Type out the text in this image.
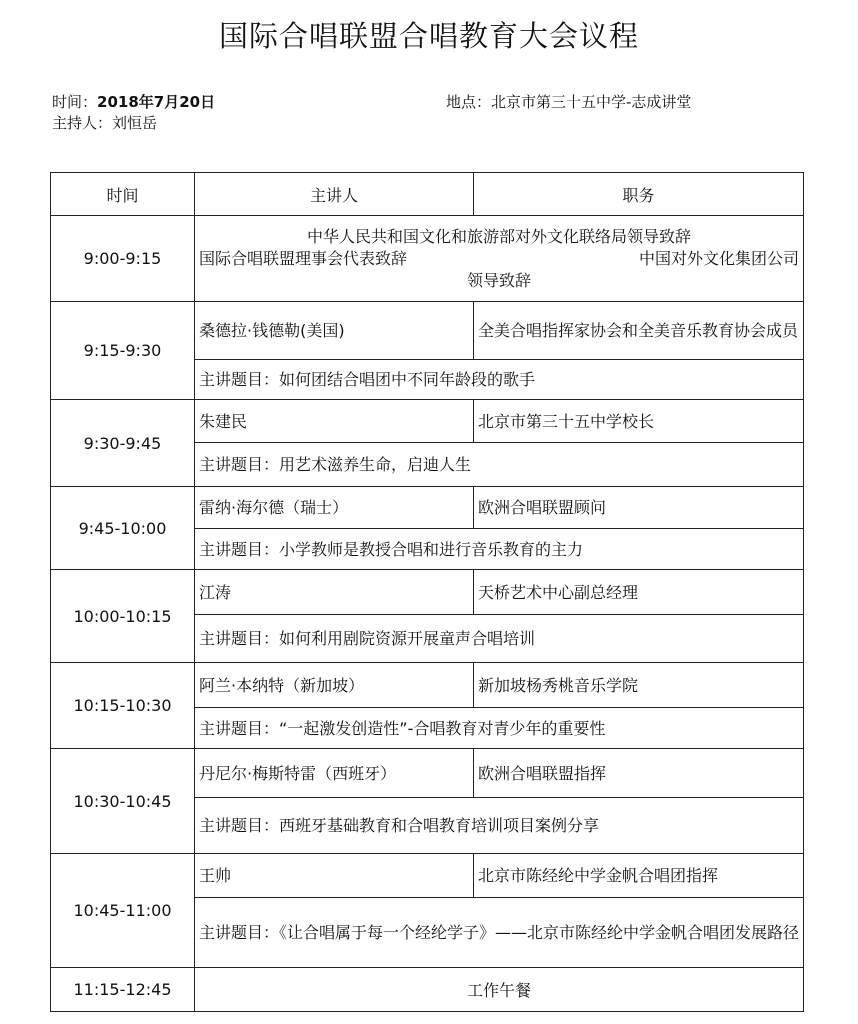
国际合唱联盟合唱教育大会议程
时间：2018年7月20日
主持人：刘恒岳
地点：北京市第三十五中学-志成讲堂
时间	主讲人	职务
9:00-9:15	中华人民共和国文化和旅游部对外文化联络局领导致辞
国际合唱联盟理事会代表致辞 中国对外文化集团公司
领导致辞	

9:15-9:30	桑德拉·钱德勒(美国)	全美合唱指挥家协会和全美音乐教育协会成员
	主讲题目：如何团结合唱团中不同年龄段的歌手	
9:30-9:45	朱建民	北京市第三十五中学校长
	主讲题目：用艺术滋养生命，启迪人生	
9:45-10:00	雷纳·海尔德（瑞士）	欧洲合唱联盟顾问
	主讲题目：小学教师是教授合唱和进行音乐教育的主力	
10:00-10:15	江涛	天桥艺术中心副总经理
	主讲题目：如何利用剧院资源开展童声合唱培训	
10:15-10:30	阿兰·本纳特（新加坡）	新加坡杨秀桃音乐学院
	主讲题目：“一起激发创造性”-合唱教育对青少年的重要性	
10:30-10:45	丹尼尔·梅斯特雷（西班牙）	欧洲合唱联盟指挥
	主讲题目：西班牙基础教育和合唱教育培训项目案例分享	
10:45-11:00	王帅	北京市陈经纶中学金帆合唱团指挥
	主讲题目：《让合唱属于每一个经纶学子》——北京市陈经纶中学金帆合唱团发展路径	
11:15-12:45	工作午餐	
